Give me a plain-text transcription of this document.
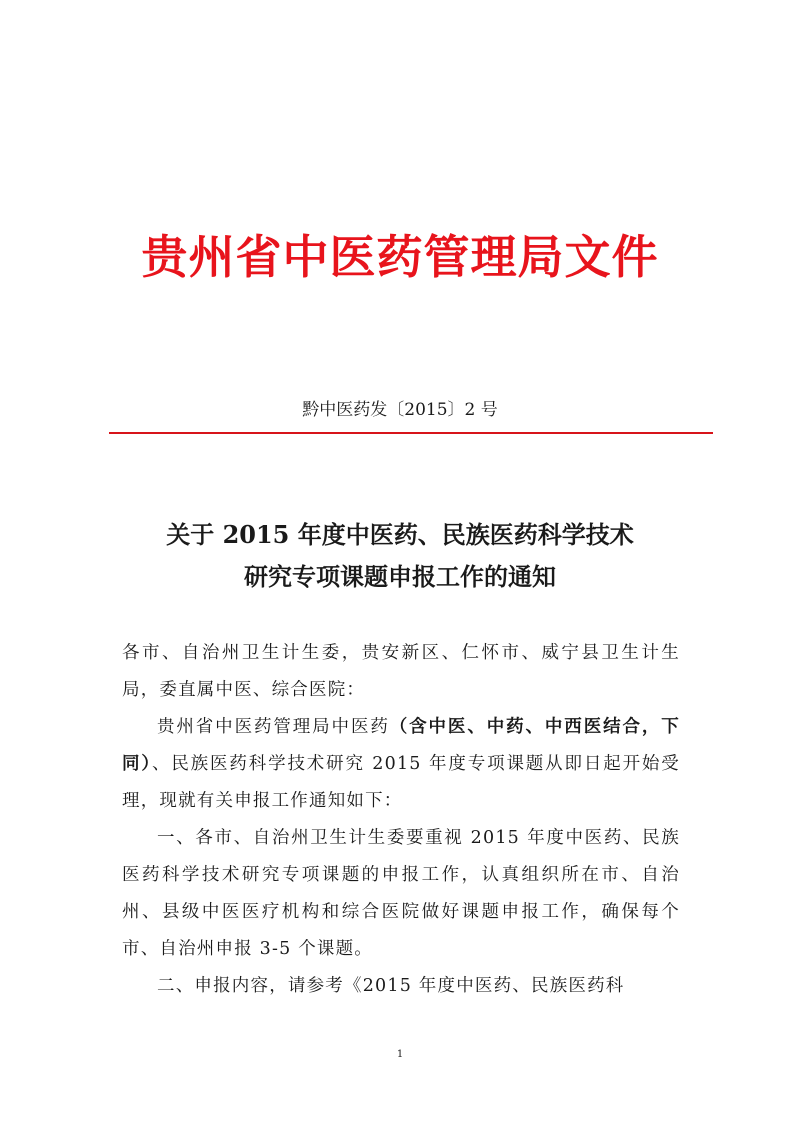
贵州省中医药管理局文件
黔中医药发〔2015〕2 号
关于 2015 年度中医药、民族医药科学技术
研究专项课题申报工作的通知

各市、自治州卫生计生委，贵安新区、仁怀市、威宁县卫生计生局，委直属中医、综合医院：

贵州省中医药管理局中医药（含中医、中药、中西医结合，下同）、民族医药科学技术研究 2015 年度专项课题从即日起开始受理，现就有关申报工作通知如下：

一、各市、自治州卫生计生委要重视 2015 年度中医药、民族医药科学技术研究专项课题的申报工作，认真组织所在市、自治州、县级中医医疗机构和综合医院做好课题申报工作，确保每个市、自治州申报 3-5 个课题。

二、申报内容，请参考《2015 年度中医药、民族医药科

1
